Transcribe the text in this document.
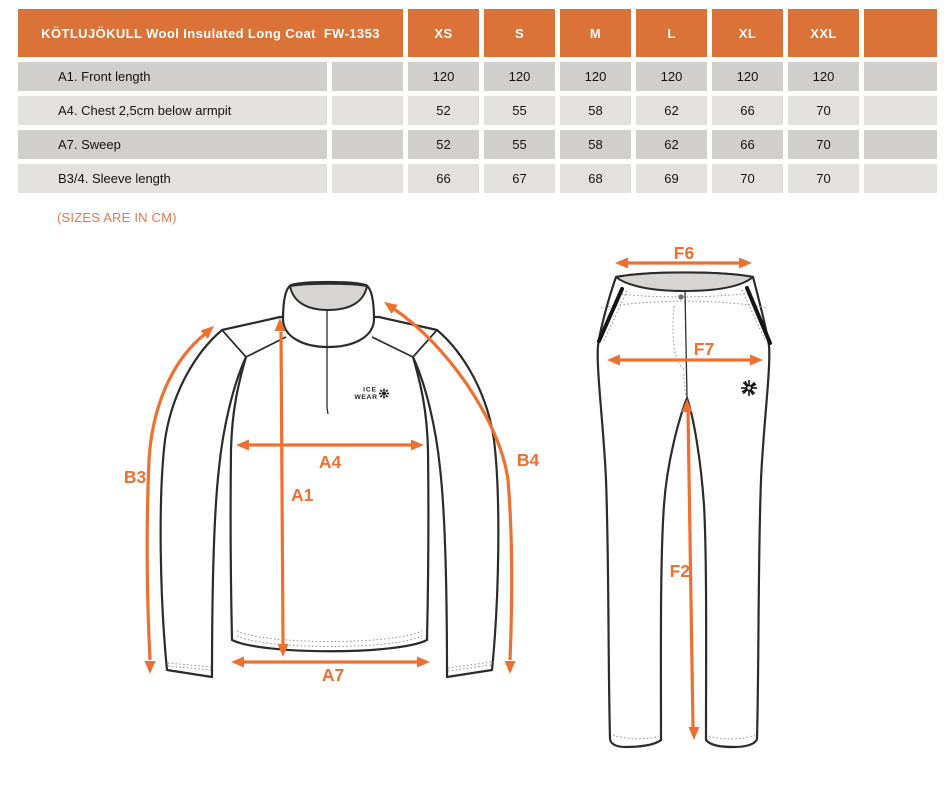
KÖTLUJÖKULL Wool Insulated Long Coat  FW-1353		XS	S	M	L	XL	XXL	
A1. Front length		120	120	120	120	120	120	
A4. Chest 2,5cm below armpit		52	55	58	62	66	70	
A7. Sweep		52	55	58	62	66	70	
B3/4. Sleeve length		66	67	68	69	70	70	
(SIZES ARE IN CM)
ICE
WEAR
B3
A1
A4
A7
B4
F6
F7
F2
